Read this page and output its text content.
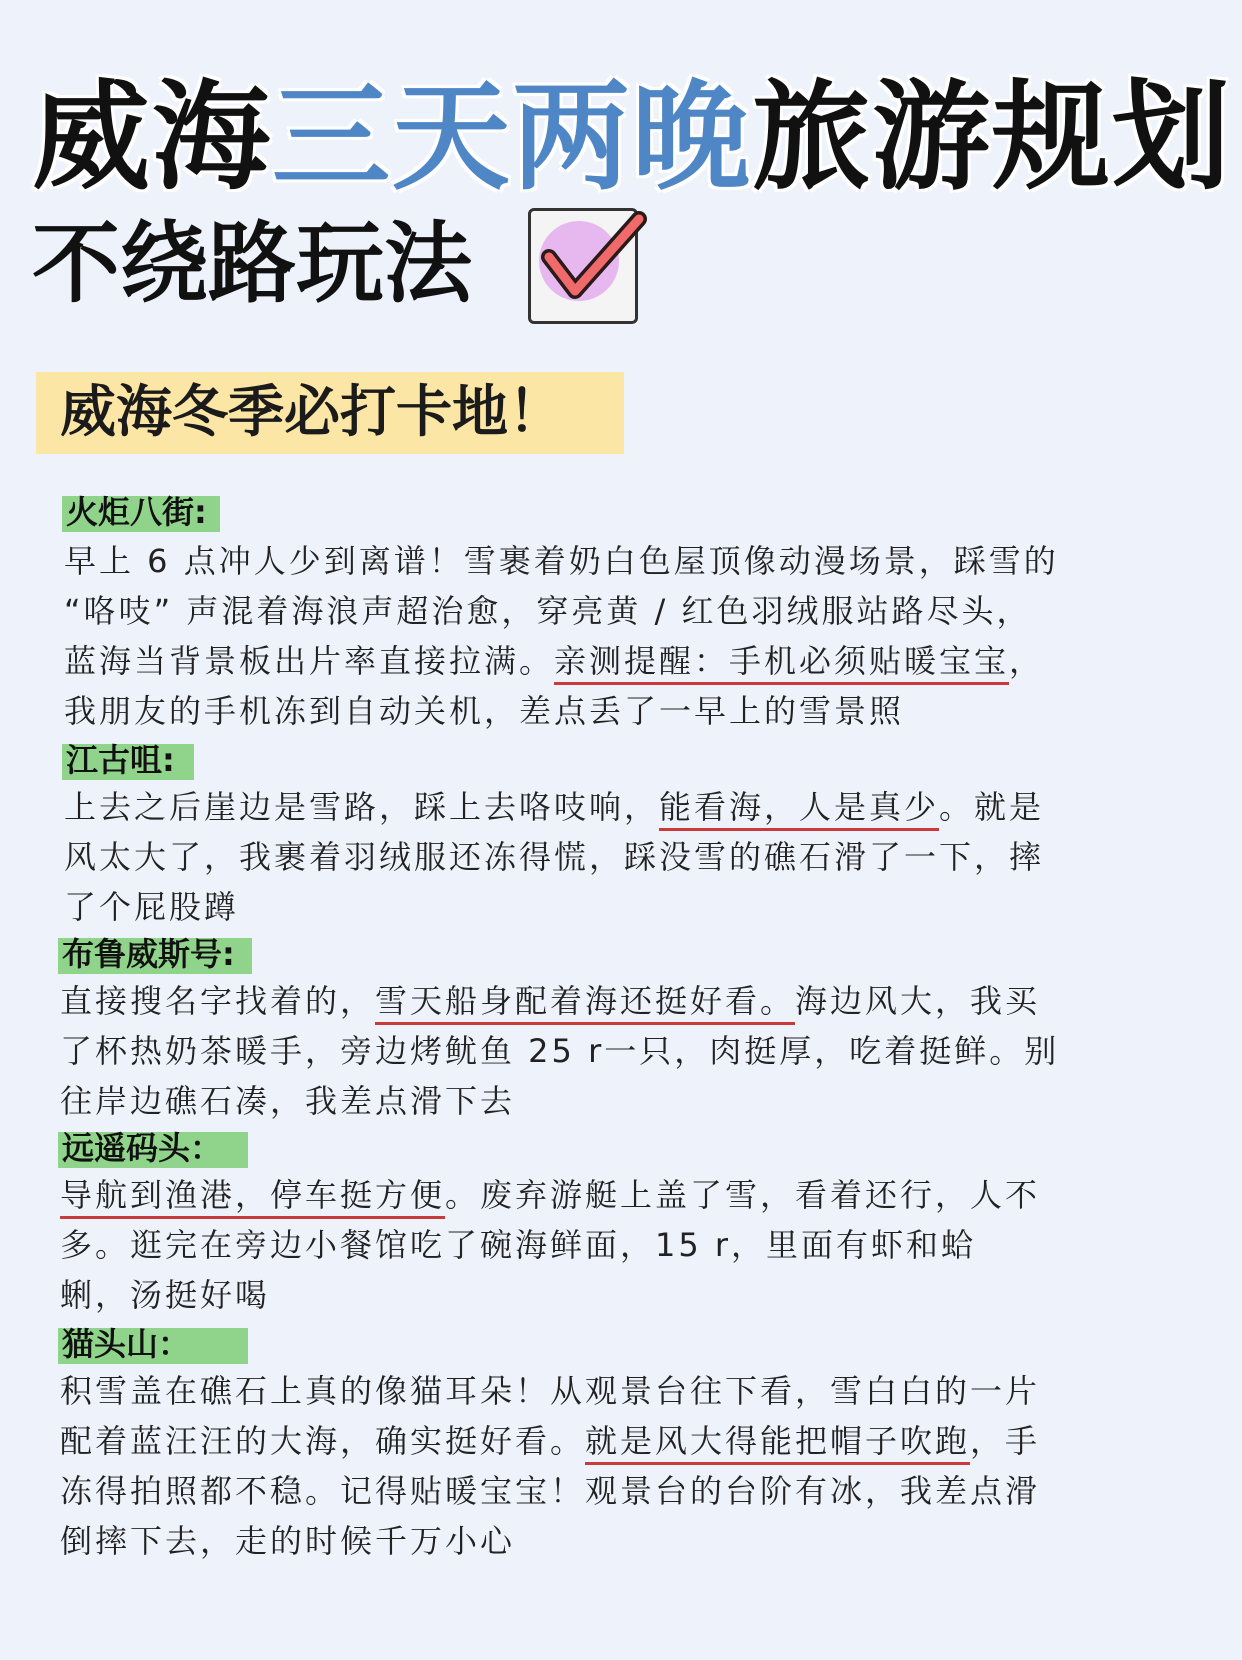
威海三天两晚旅游规划
不绕路玩法
威海冬季必打卡地！
火炬八街:
早上 6 点冲人少到离谱！雪裹着奶白色屋顶像动漫场景，踩雪的
“咯吱” 声混着海浪声超治愈，穿亮黄 / 红色羽绒服站路尽头，
蓝海当背景板出片率直接拉满。亲测提醒：手机必须贴暖宝宝，
我朋友的手机冻到自动关机，差点丢了一早上的雪景照
江古咀:
上去之后崖边是雪路，踩上去咯吱响，能看海，人是真少。就是
风太大了，我裹着羽绒服还冻得慌，踩没雪的礁石滑了一下，摔
了个屁股蹲
布鲁威斯号:
直接搜名字找着的，雪天船身配着海还挺好看。海边风大，我买
了杯热奶茶暖手，旁边烤鱿鱼 25 r一只，肉挺厚，吃着挺鲜。别
往岸边礁石凑，我差点滑下去
远遥码头：
导航到渔港，停车挺方便。废弃游艇上盖了雪，看着还行，人不
多。逛完在旁边小餐馆吃了碗海鲜面，15 r，里面有虾和蛤
蜊，汤挺好喝
猫头山：
积雪盖在礁石上真的像猫耳朵！从观景台往下看，雪白白的一片
配着蓝汪汪的大海，确实挺好看。就是风大得能把帽子吹跑，手
冻得拍照都不稳。记得贴暖宝宝！观景台的台阶有冰，我差点滑
倒摔下去，走的时候千万小心
